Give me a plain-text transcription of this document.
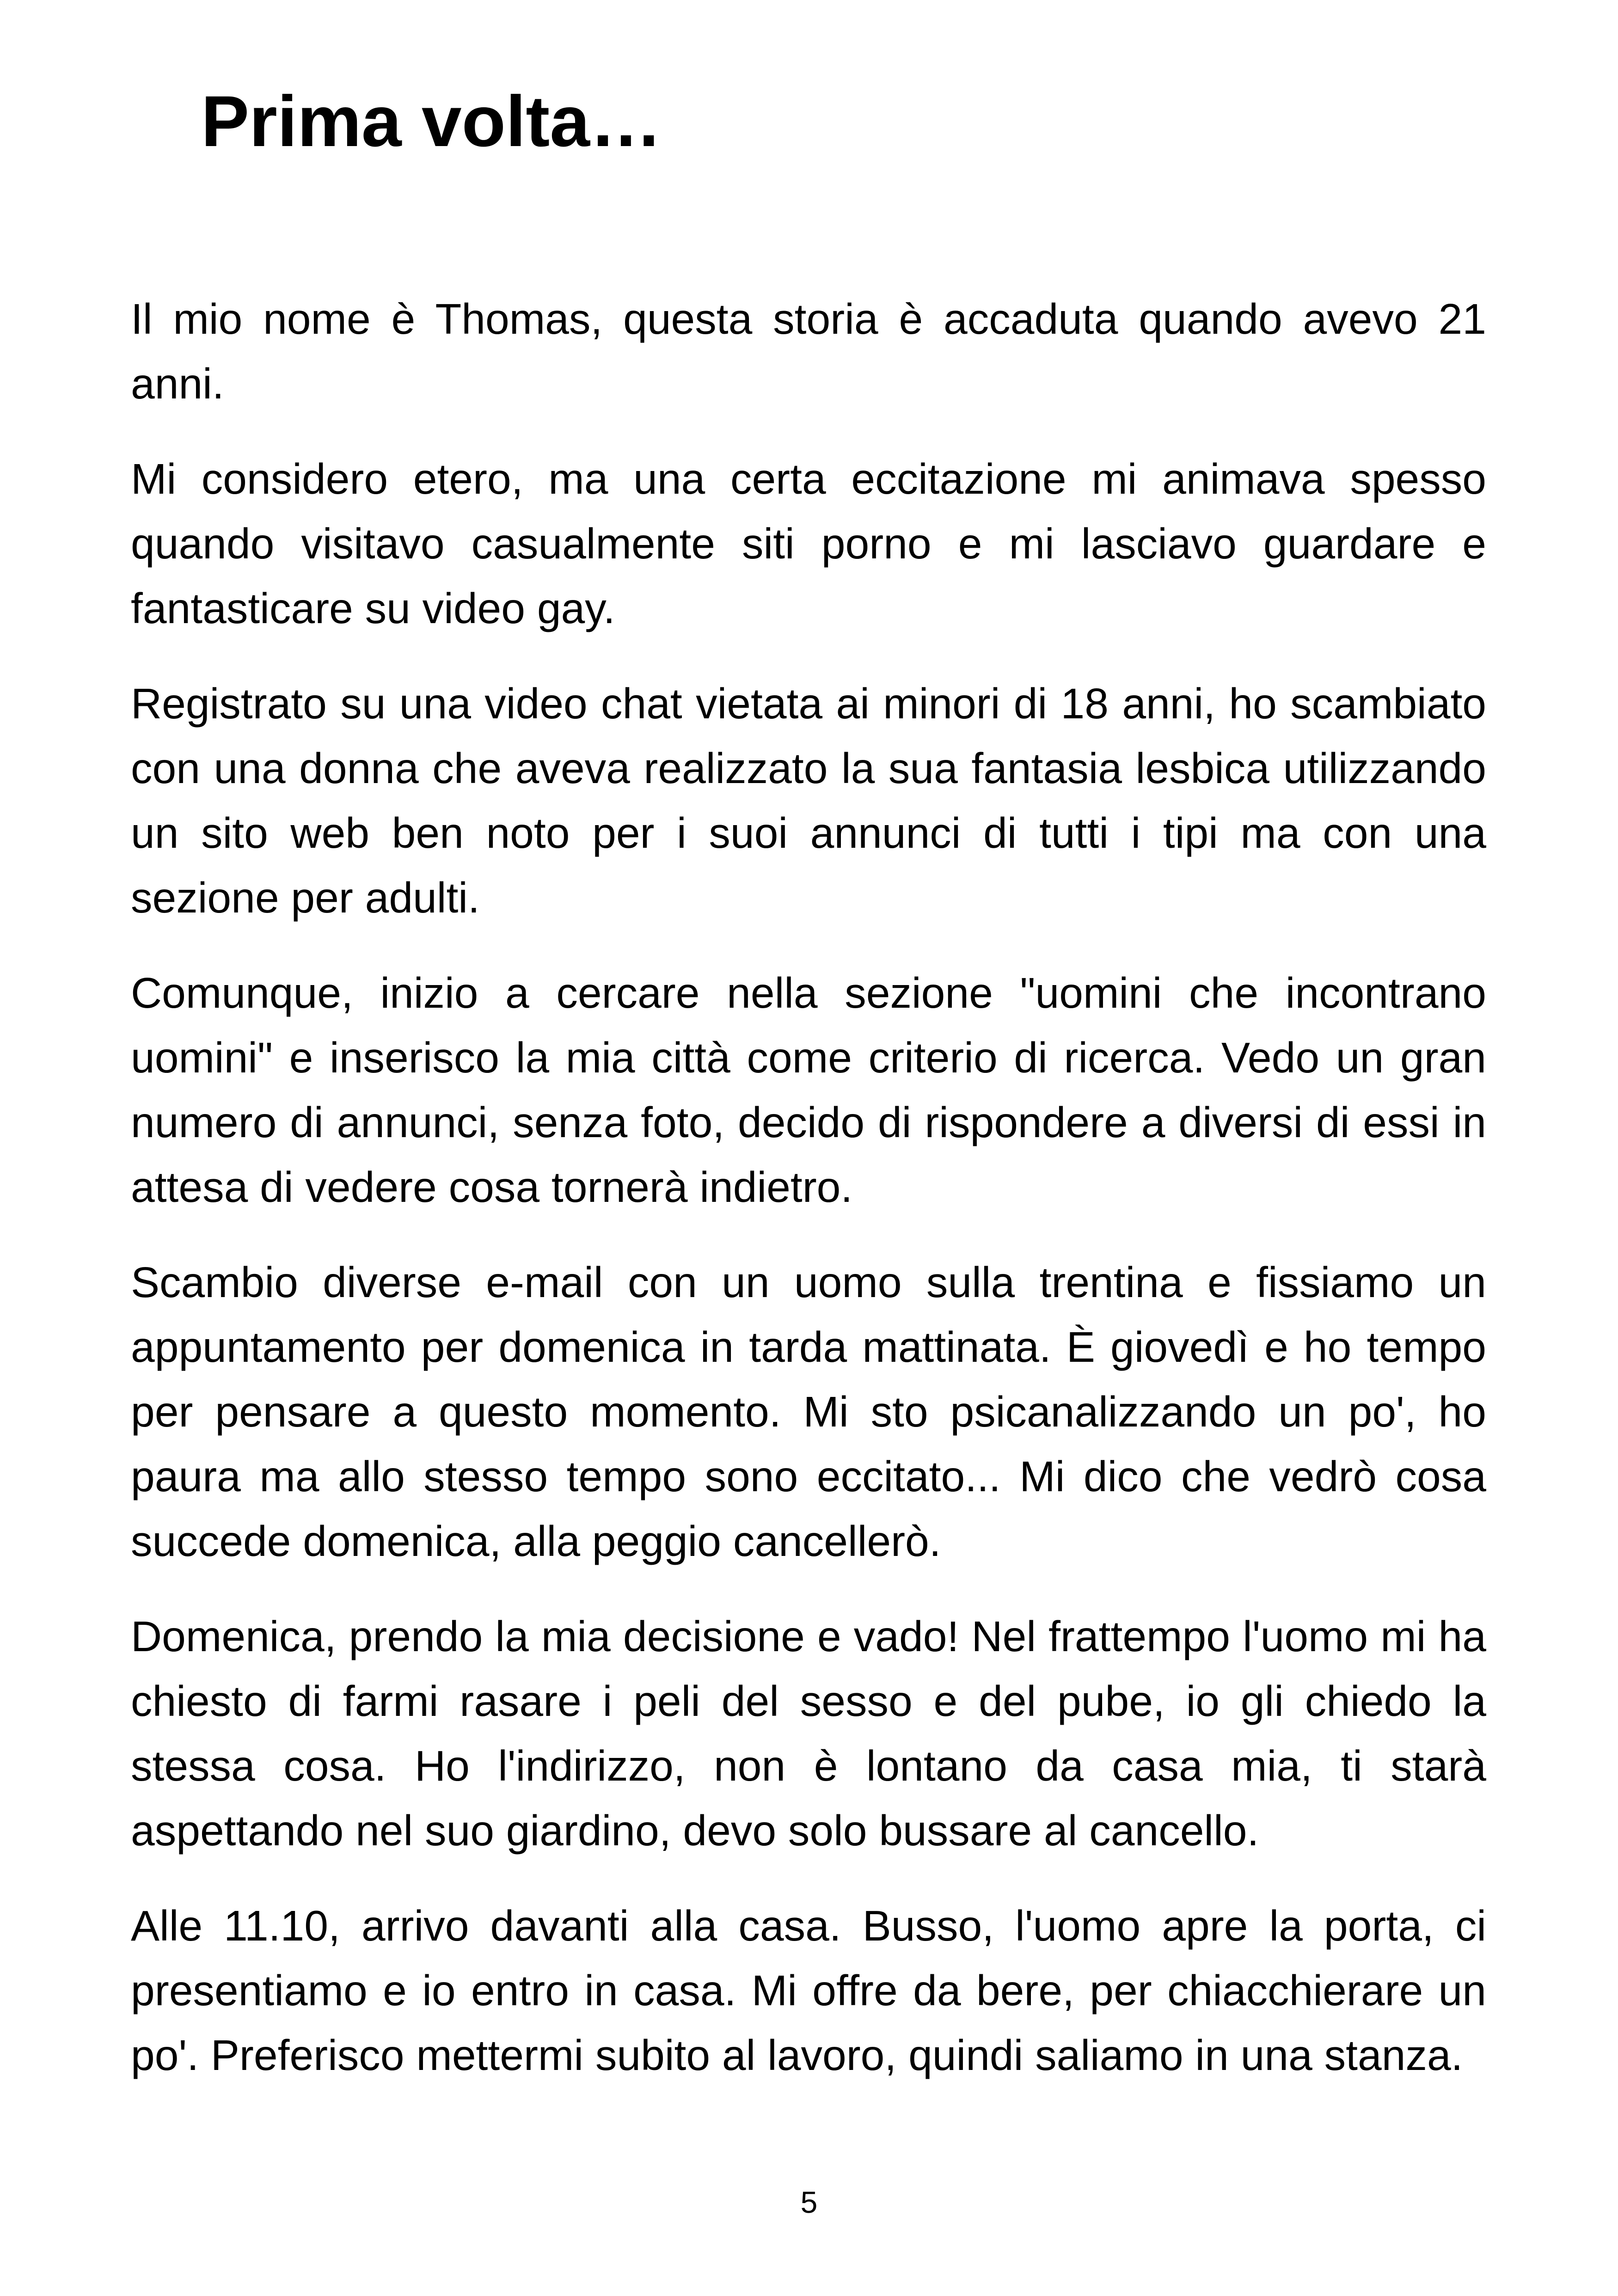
Prima volta…

Il mio nome è Thomas, questa storia è accaduta quando avevo 21 anni.

Mi considero etero, ma una certa eccitazione mi animava spesso quando visitavo casualmente siti porno e mi lasciavo guardare e fantasticare su video gay.

Registrato su una video chat vietata ai minori di 18 anni, ho scambiato con una donna che aveva realizzato la sua fantasia lesbica utilizzando un sito web ben noto per i suoi annunci di tutti i tipi ma con una sezione per adulti.

Comunque, inizio a cercare nella sezione "uomini che incontrano uomini" e inserisco la mia città come criterio di ricerca. Vedo un gran numero di annunci, senza foto, decido di rispondere a diversi di essi in attesa di vedere cosa tornerà indietro.

Scambio diverse e-mail con un uomo sulla trentina e fissiamo un appuntamento per domenica in tarda mattinata. È giovedì e ho tempo per pensare a questo momento. Mi sto psicanalizzando un po', ho paura ma allo stesso tempo sono eccitato... Mi dico che vedrò cosa succede domenica, alla peggio cancellerò.

Domenica, prendo la mia decisione e vado! Nel frattempo l'uomo mi ha chiesto di farmi rasare i peli del sesso e del pube, io gli chiedo la stessa cosa. Ho l'indirizzo, non è lontano da casa mia, ti starà aspettando nel suo giardino, devo solo bussare al cancello.

Alle 11.10, arrivo davanti alla casa. Busso, l'uomo apre la porta, ci presentiamo e io entro in casa. Mi offre da bere, per chiacchierare un po'. Preferisco mettermi subito al lavoro, quindi saliamo in una stanza.

5
